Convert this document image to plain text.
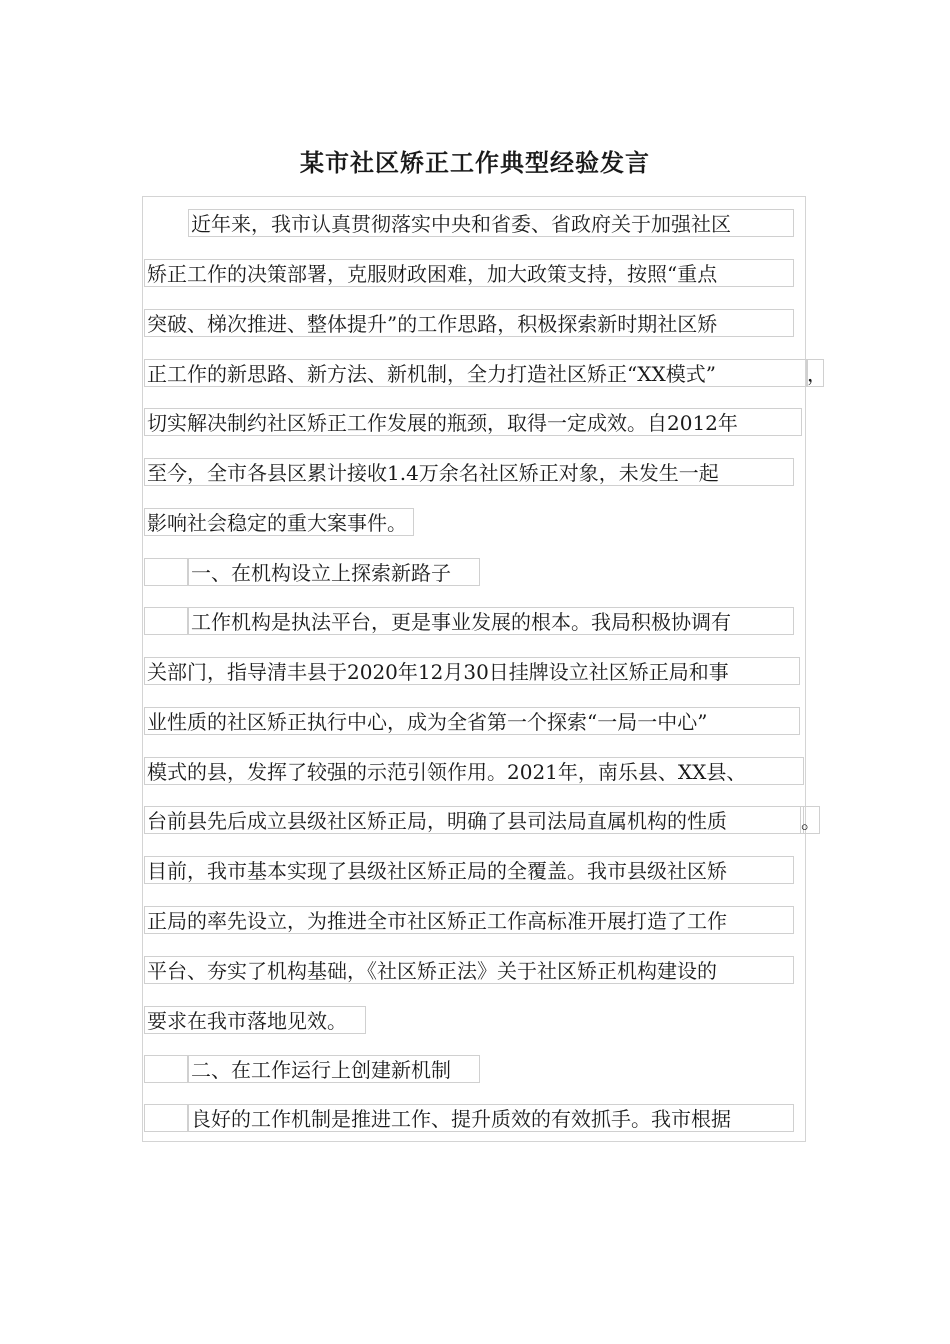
某市社区矫正工作典型经验发言
近年来，我市认真贯彻落实中央和省委、省政府关于加强社区
矫正工作的决策部署，克服财政困难，加大政策支持，按照“重点
突破、梯次推进、整体提升”的工作思路，积极探索新时期社区矫
正工作的新思路、新方法、新机制，全力打造社区矫正“XX模式”	，
切实解决制约社区矫正工作发展的瓶颈，取得一定成效。自2012年
至今，全市各县区累计接收1.4万余名社区矫正对象，未发生一起
影响社会稳定的重大案事件。
一、在机构设立上探索新路子
工作机构是执法平台，更是事业发展的根本。我局积极协调有
关部门，指导清丰县于2020年12月30日挂牌设立社区矫正局和事
业性质的社区矫正执行中心，成为全省第一个探索“一局一中心”
模式的县，发挥了较强的示范引领作用。2021年，南乐县、XX县、
台前县先后成立县级社区矫正局，明确了县司法局直属机构的性质	。
目前，我市基本实现了县级社区矫正局的全覆盖。我市县级社区矫
正局的率先设立，为推进全市社区矫正工作高标准开展打造了工作
平台、夯实了机构基础，《社区矫正法》关于社区矫正机构建设的
要求在我市落地见效。
二、在工作运行上创建新机制
良好的工作机制是推进工作、提升质效的有效抓手。我市根据
